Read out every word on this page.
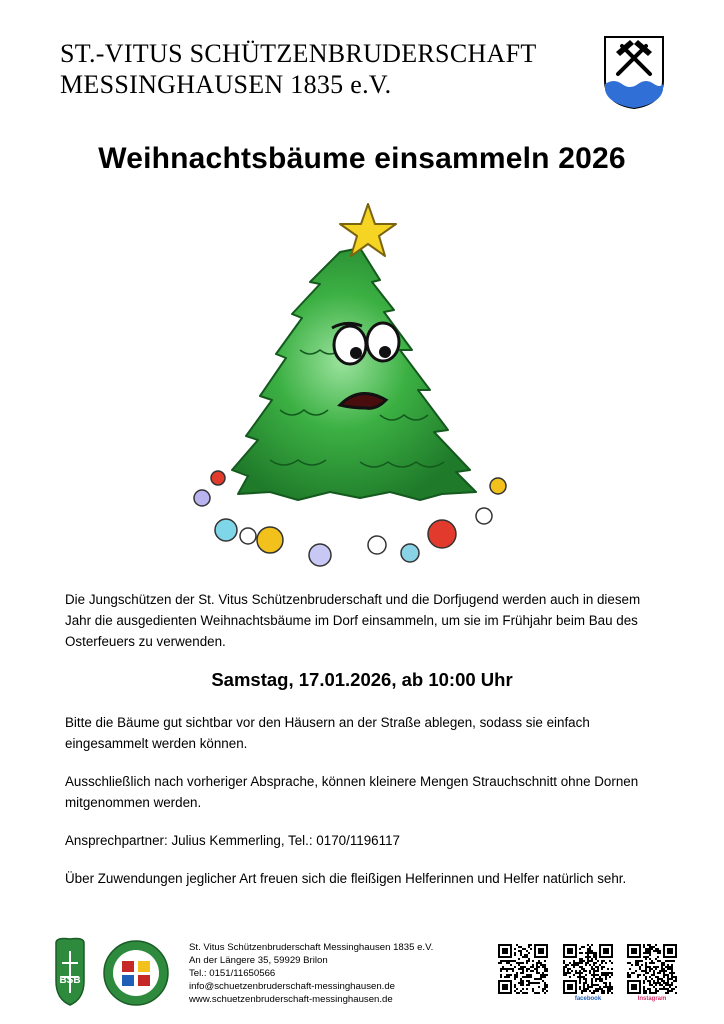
ST.-VITUS SCHÜTZENBRUDERSCHAFT
MESSINGHAUSEN 1835 e.V.
Weihnachtsbäume einsammeln 2026

Die Jungschützen der St. Vitus Schützenbruderschaft und die Dorfjugend werden auch in diesem Jahr die ausgedienten Weihnachtsbäume im Dorf einsammeln, um sie im Frühjahr beim Bau des Osterfeuers zu verwenden.

Samstag, 17.01.2026, ab 10:00 Uhr

Bitte die Bäume gut sichtbar vor den Häusern an der Straße ablegen, sodass sie einfach eingesammelt werden können.

Ausschließlich nach vorheriger Absprache, können kleinere Mengen Strauchschnitt ohne Dornen mitgenommen werden.

Ansprechpartner: Julius Kemmerling, Tel.: 0170/1196117

Über Zuwendungen jeglicher Art freuen sich die fleißigen Helferinnen und Helfer natürlich sehr.

BSB
St. Vitus Schützenbruderschaft Messinghausen 1835 e.V.
An der Längere 35, 59929 Brilon
Tel.: 0151/11650566
info@schuetzenbruderschaft-messinghausen.de
www.schuetzenbruderschaft-messinghausen.de	facebook	Instagram
